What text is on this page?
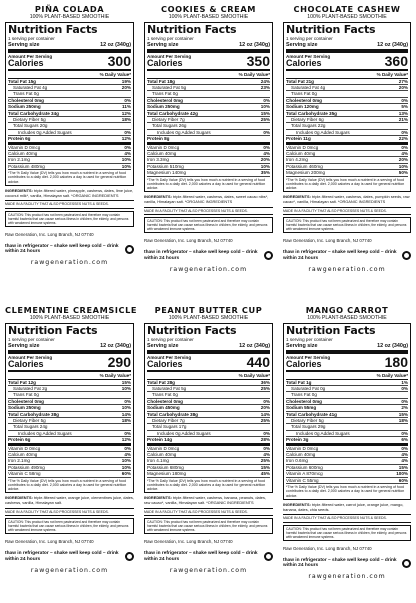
PIÑA COLADA
100% PLANT-BASED SMOOTHIE
Nutrition Facts
1 serving per container
Serving size	12 oz (340g)
Amount Per Serving
Calories	300
% Daily Value*
Total Fat 15g	19%
Saturated Fat 4g	20%
Trans Fat 0g
Cholesterol 0mg	0%
Sodium 250mg	11%
Total Carbohydrate 34g	12%
Dietary Fiber 5g	18%
Total Sugars 20g
Includes 0g Added Sugars	0%
Protein 6g	12%
Vitamin D 0mcg	0%
Calcium 40mg	4%
Iron 2.1mg	10%
Potassium 480mg	10%
*The % Daily Value (DV) tells you how much a nutrient in a serving of food contributes to a daily diet. 2,000 calories a day is used for general nutrition advice.
INGREDIENTS: triple-filtered water, pineapple, cashews, dates, lime juice, coconut milk*, vanilla, Himalayan salt. *ORGANIC INGREDIENTS
MADE IN A FACILITY THAT ALSO PROCESSES NUTS & SEEDS.
CAUTION: This product has not been pasteurized and therefore may contain harmful bacteria that can cause serious illness in children, the elderly, and persons with weakened immune systems.
Raw Generation, Inc. Long Branch, NJ 07740
thaw in refrigerator – shake well keep cold – drink within 24 hours
rawgeneration.com
COOKIES & CREAM
100% PLANT-BASED SMOOTHIE
Nutrition Facts
1 serving per container
Serving size	12 oz (340g)
Amount Per Serving
Calories	350
% Daily Value*
Total Fat 18g	24%
Saturated Fat 5g	23%
Trans Fat 0g
Cholesterol 0mg	0%
Sodium 250mg	10%
Total Carbohydrate 42g	15%
Dietary Fiber 7g	25%
Total Sugars 26g
Includes 0g Added Sugars	0%
Protein 8g
Vitamin D 0mcg	0%
Calcium 40mg	4%
Iron 3.3mg	20%
Potassium 510mg	10%
Magnesium 140mg	35%
*The % Daily Value (DV) tells you how much a nutrient in a serving of food contributes to a daily diet. 2,000 calories a day is used for general nutrition advice.
INGREDIENTS: triple-filtered water, cashews, dates, sweet cacao nibs*, vanilla, Himalayan salt. *ORGANIC INGREDIENTS
MADE IN A FACILITY THAT ALSO PROCESSES NUTS & SEEDS.
CAUTION: This product has not been pasteurized and therefore may contain harmful bacteria that can cause serious illness in children, the elderly, and persons with weakened immune systems.
Raw Generation, Inc. Long Branch, NJ 07740
thaw in refrigerator – shake well keep cold – drink within 24 hours
rawgeneration.com
CHOCOLATE CASHEW
100% PLANT-BASED SMOOTHIE
Nutrition Facts
1 serving per container
Serving size	12 oz (340g)
Amount Per Serving
Calories	360
% Daily Value*
Total Fat 21g	27%
Saturated Fat 4g	20%
Trans Fat 0g
Cholesterol 0mg	0%
Sodium 120mg	5%
Total Carbohydrate 35g	13%
Dietary Fiber 6g	21%
Total Sugars 22g
Includes 0g Added Sugars	0%
Protein 11g	22%
Vitamin D 0mcg	0%
Calcium 40mg	4%
Iron 4.2mg	20%
Potassium 460mg	10%
Magnesium 200mg	50%
*The % Daily Value (DV) tells you how much a nutrient in a serving of food contributes to a daily diet. 2,000 calories a day is used for general nutrition advice.
INGREDIENTS: triple-filtered water, cashews, dates, pumpkin seeds, raw cacao*, vanilla, Himalayan salt. *ORGANIC INGREDIENTS
MADE IN A FACILITY THAT ALSO PROCESSES NUTS & SEEDS.
CAUTION: This product has not been pasteurized and therefore may contain harmful bacteria that can cause serious illness in children, the elderly, and persons with weakened immune systems.
Raw Generation, Inc. Long Branch, NJ 07740
thaw in refrigerator – shake well keep cold – drink within 24 hours
rawgeneration.com
CLEMENTINE CREAMSICLE
100% PLANT-BASED SMOOTHIE
Nutrition Facts
1 serving per container
Serving size	12 oz (340g)
Amount Per Serving
Calories	290
% Daily Value*
Total Fat 12g	15%
Saturated Fat 2g	10%
Trans Fat 0g
Cholesterol 0mg	0%
Sodium 250mg	10%
Total Carbohydrate 38g	14%
Dietary Fiber 5g	18%
Total Sugars 24g
Includes 0g Added Sugars	0%
Protein 6g	12%
Vitamin D 0mcg	0%
Calcium 40mg	4%
Iron 2.1mg	10%
Potassium 490mg	10%
Vitamin C 58mg	60%
*The % Daily Value (DV) tells you how much a nutrient in a serving of food contributes to a daily diet. 2,000 calories a day is used for general nutrition advice.
INGREDIENTS: triple-filtered water, orange juice, clementines juice, dates, cashews, vanilla, Himalayan salt.
MADE IN A FACILITY THAT ALSO PROCESSES NUTS & SEEDS.
CAUTION: This product has not been pasteurized and therefore may contain harmful bacteria that can cause serious illness in children, the elderly, and persons with weakened immune systems.
Raw Generation, Inc. Long Branch, NJ 07740
thaw in refrigerator – shake well keep cold – drink within 24 hours
rawgeneration.com
PEANUT BUTTER CUP
100% PLANT-BASED SMOOTHIE
Nutrition Facts
1 serving per container
Serving size	12 oz (340g)
Amount Per Serving
Calories	440
% Daily Value*
Total Fat 28g	36%
Saturated Fat 5g	25%
Trans Fat 0g
Cholesterol 0mg	0%
Sodium 450mg	20%
Total Carbohydrate 38g	14%
Dietary Fiber 7g	25%
Total Sugars 17g
Includes 0g Added Sugars	0%
Protein 14g	28%
Vitamin D 0mcg	0%
Calcium 40mg	4%
Iron 4.1mg	25%
Potassium 680mg	15%
Magnesium 180mg	45%
*The % Daily Value (DV) tells you how much a nutrient in a serving of food contributes to a daily diet. 2,000 calories a day is used for general nutrition advice.
INGREDIENTS: triple-filtered water, cashews, banana, peanuts, dates, raw cacao*, vanilla, Himalayan salt. *ORGANIC INGREDIENTS
MADE IN A FACILITY THAT ALSO PROCESSES NUTS & SEEDS.
CAUTION: This product has not been pasteurized and therefore may contain harmful bacteria that can cause serious illness in children, the elderly, and persons with weakened immune systems.
Raw Generation, Inc. Long Branch, NJ 07740
thaw in refrigerator – shake well keep cold – drink within 24 hours
rawgeneration.com
MANGO CARROT
100% PLANT-BASED SMOOTHIE
Nutrition Facts
1 serving per container
Serving size	12 oz (340g)
Amount Per Serving
Calories	180
% Daily Value*
Total Fat 1g	1%
Saturated Fat 0g	0%
Trans Fat 0g
Cholesterol 0mg	0%
Sodium 55mg	2%
Total Carbohydrate 41g	15%
Dietary Fiber 5g	18%
Total Sugars 29g
Includes 0g Added Sugars	0%
Protein 3g	6%
Vitamin D 0mcg	0%
Calcium 40mg	4%
Iron 0.6mg	4%
Potassium 600mg	15%
Vitamin A 870mcg	100%
Vitamin C 55mg	60%
*The % Daily Value (DV) tells you how much a nutrient in a serving of food contributes to a daily diet. 2,000 calories a day is used for general nutrition advice.
INGREDIENTS: triple-filtered water, carrot juice, orange juice, mango, banana, dates, chia seeds.
MADE IN A FACILITY THAT ALSO PROCESSES NUTS & SEEDS.
CAUTION: This product has not been pasteurized and therefore may contain harmful bacteria that can cause serious illness in children, the elderly, and persons with weakened immune systems.
Raw Generation, Inc. Long Branch, NJ 07740
thaw in refrigerator – shake well keep cold – drink within 24 hours
rawgeneration.com
